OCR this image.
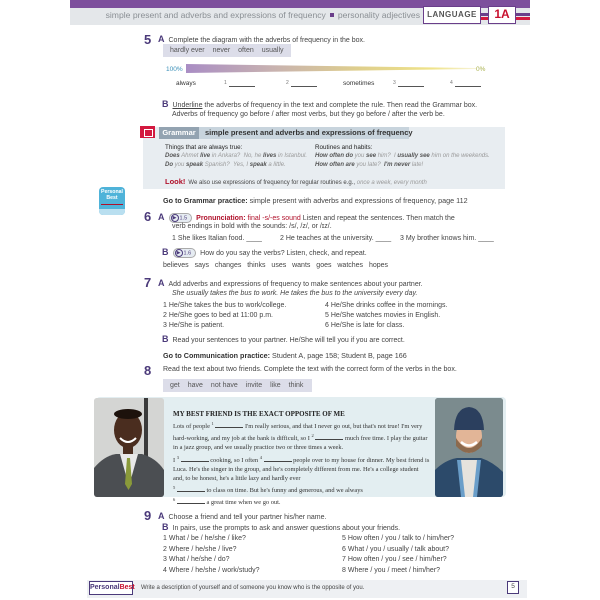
simple present and adverbs and expressions of frequency personality adjectives LANGUAGE	1A
5 A Complete the diagram with the adverbs of frequency in the box.
hardly ever never often usually
100%	0%
always	$^1$	$^2$	sometimes	$^3$	$^4$
B Underline the adverbs of frequency in the text and complete the rule. Then read the Grammar box.
Adverbs of frequency go before / after most verbs, but they go before / after the verb be.
Grammar	simple present and adverbs and expressions of frequency
Things that are always true:
Does Ahmet live in Ankara? No, he lives in Istanbul.
Do you speak Spanish? Yes, I speak a little.
Routines and habits:
How often do you see him? I usually see him on the weekends.
How often are you late? I'm never late!
Look! We also use expressions of frequency for regular routines e.g., once a week, every month
Personal
Best	Go to Grammar practice: simple present with adverbs and expressions of frequency, page 112
6 A ▶ 1.5 Pronunciation: final -s/-es sound Listen and repeat the sentences. Then match the
verb endings in bold with the sounds: /s/, /z/, or /ɪz/.
1 She likes Italian food. ____	2 He teaches at the university. ____ 3 My brother knows him. ____
B ▶ 1.6 How do you say the verbs? Listen, check, and repeat.
believes says changes thinks uses wants goes watches hopes
7 A Add adverbs and expressions of frequency to make sentences about your partner.
She usually takes the bus to work. He takes the bus to the university every day.
1 He/She takes the bus to work/college.
2 He/She goes to bed at 11:00 p.m.
3 He/She is patient.
4 He/She drinks coffee in the mornings.
5 He/She watches movies in English.
6 He/She is late for class.
B Read your sentences to your partner. He/She will tell you if you are correct.
Go to Communication practice: Student A, page 158; Student B, page 166
8 Read the text about two friends. Complete the text with the correct form of the verbs in the box.
get have not have invite like think
MY BEST FRIEND IS THE EXACT OPPOSITE OF ME
Lots of people $^1$	I'm really serious, and that I never go out, but that's not true! I'm very hard-working, and my job at the bank is difficult, so I $^2$	much free time. I play the guitar in a jazz group, and we usually practice two or three times a week.
I $^3$	cooking, so I often $^4$	people over to my house for dinner. My best friend is Luca. He's the singer in the group, and he's completely different from me. He's a college student and, to be honest, he's a little lazy and hardly ever
$^5$	to class on time. But he's funny and generous, and we always
$^6$	a great time when we go out.
9 A Choose a friend and tell your partner his/her name.
B In pairs, use the prompts to ask and answer questions about your friends.
1 What / be / he/she / like?
2 Where / he/she / live?
3 What / he/she / do?
4 Where / he/she / work/study?
5 How often / you / talk to / him/her?
6 What / you / usually / talk about?
7 How often / you / see / him/her?
8 Where / you / meet / him/her?
PersonalBest Write a description of yourself and of someone you know who is the opposite of you.	5
